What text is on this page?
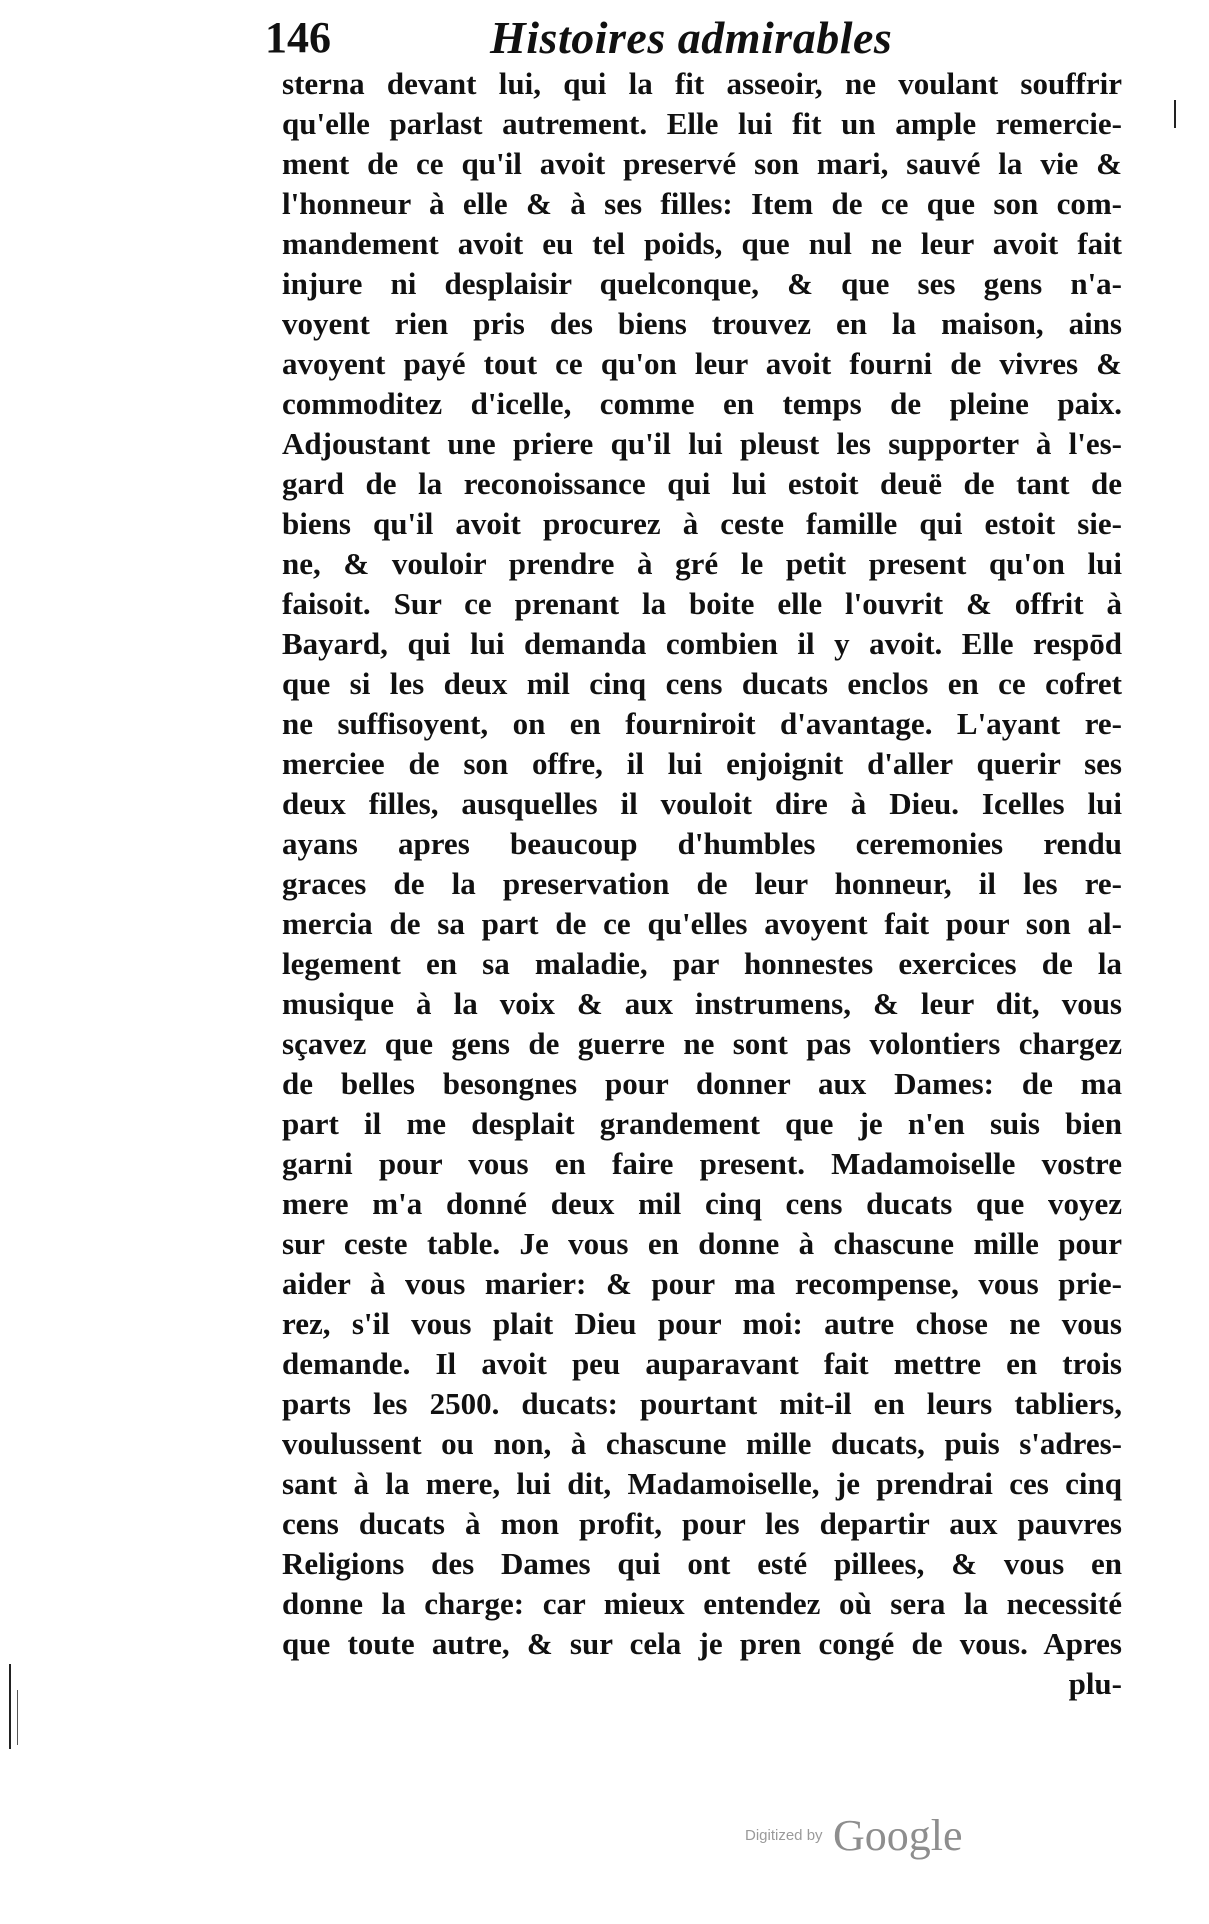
146	Histoires admirables
sterna devant lui, qui la fit asseoir, ne voulant souffrir
qu'elle parlast autrement. Elle lui fit un ample remercie-
ment de ce qu'il avoit preservé son mari, sauvé la vie &
l'honneur à elle & à ses filles: Item de ce que son com-
mandement avoit eu tel poids, que nul ne leur avoit fait
injure ni desplaisir quelconque, & que ses gens n'a-
voyent rien pris des biens trouvez en la maison, ains
avoyent payé tout ce qu'on leur avoit fourni de vivres &
commoditez d'icelle, comme en temps de pleine paix.
Adjoustant une priere qu'il lui pleust les supporter à l'es-
gard de la reconoissance qui lui estoit deuë de tant de
biens qu'il avoit procurez à ceste famille qui estoit sie-
ne, & vouloir prendre à gré le petit present qu'on lui
faisoit. Sur ce prenant la boite elle l'ouvrit & offrit à
Bayard, qui lui demanda combien il y avoit. Elle respōd
que si les deux mil cinq cens ducats enclos en ce cofret
ne suffisoyent, on en fourniroit d'avantage. L'ayant re-
merciee de son offre, il lui enjoignit d'aller querir ses
deux filles, ausquelles il vouloit dire à Dieu. Icelles lui
ayans apres beaucoup d'humbles ceremonies rendu
graces de la preservation de leur honneur, il les re-
mercia de sa part de ce qu'elles avoyent fait pour son al-
legement en sa maladie, par honnestes exercices de la
musique à la voix & aux instrumens, & leur dit, vous
sçavez que gens de guerre ne sont pas volontiers chargez
de belles besongnes pour donner aux Dames: de ma
part il me desplait grandement que je n'en suis bien
garni pour vous en faire present. Madamoiselle vostre
mere m'a donné deux mil cinq cens ducats que voyez
sur ceste table. Je vous en donne à chascune mille pour
aider à vous marier: & pour ma recompense, vous prie-
rez, s'il vous plait Dieu pour moi: autre chose ne vous
demande. Il avoit peu auparavant fait mettre en trois
parts les 2500. ducats: pourtant mit-il en leurs tabliers,
voulussent ou non, à chascune mille ducats, puis s'adres-
sant à la mere, lui dit, Madamoiselle, je prendrai ces cinq
cens ducats à mon profit, pour les departir aux pauvres
Religions des Dames qui ont esté pillees, & vous en
donne la charge: car mieux entendez où sera la necessité
que toute autre, & sur cela je pren congé de vous. Apres
plu-
Digitized by Google
